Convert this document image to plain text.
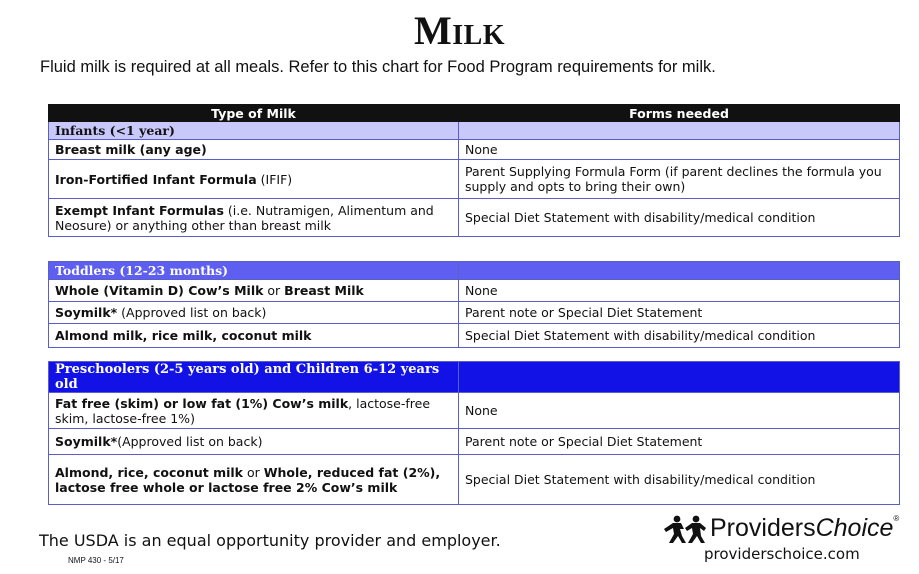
Milk
Fluid milk is required at all meals. Refer to this chart for Food Program requirements for milk.
Type of Milk	Forms needed
Infants (<1 year)	
Breast milk (any age)	None
Iron-Fortified Infant Formula (IFIF)	Parent Supplying Formula Form (if parent declines the formula you supply and opts to bring their own)
Exempt Infant Formulas (i.e. Nutramigen, Alimentum and Neosure) or anything other than breast milk	Special Diet Statement with disability/medical condition
Toddlers (12-23 months)	
Whole (Vitamin D) Cow’s Milk or Breast Milk	None
Soymilk* (Approved list on back)	Parent note or Special Diet Statement
Almond milk, rice milk, coconut milk	Special Diet Statement with disability/medical condition
Preschoolers (2-5 years old) and Children 6-12 years old	
Fat free (skim) or low fat (1%) Cow’s milk, lactose-free skim, lactose-free 1%)	None
Soymilk*(Approved list on back)	Parent note or Special Diet Statement
Almond, rice, coconut milk or Whole, reduced fat (2%), lactose free whole or lactose free 2% Cow’s milk	Special Diet Statement with disability/medical condition
The USDA is an equal opportunity provider and employer.
NMP 430 - 5/17
ProvidersChoice®
providerschoice.com
